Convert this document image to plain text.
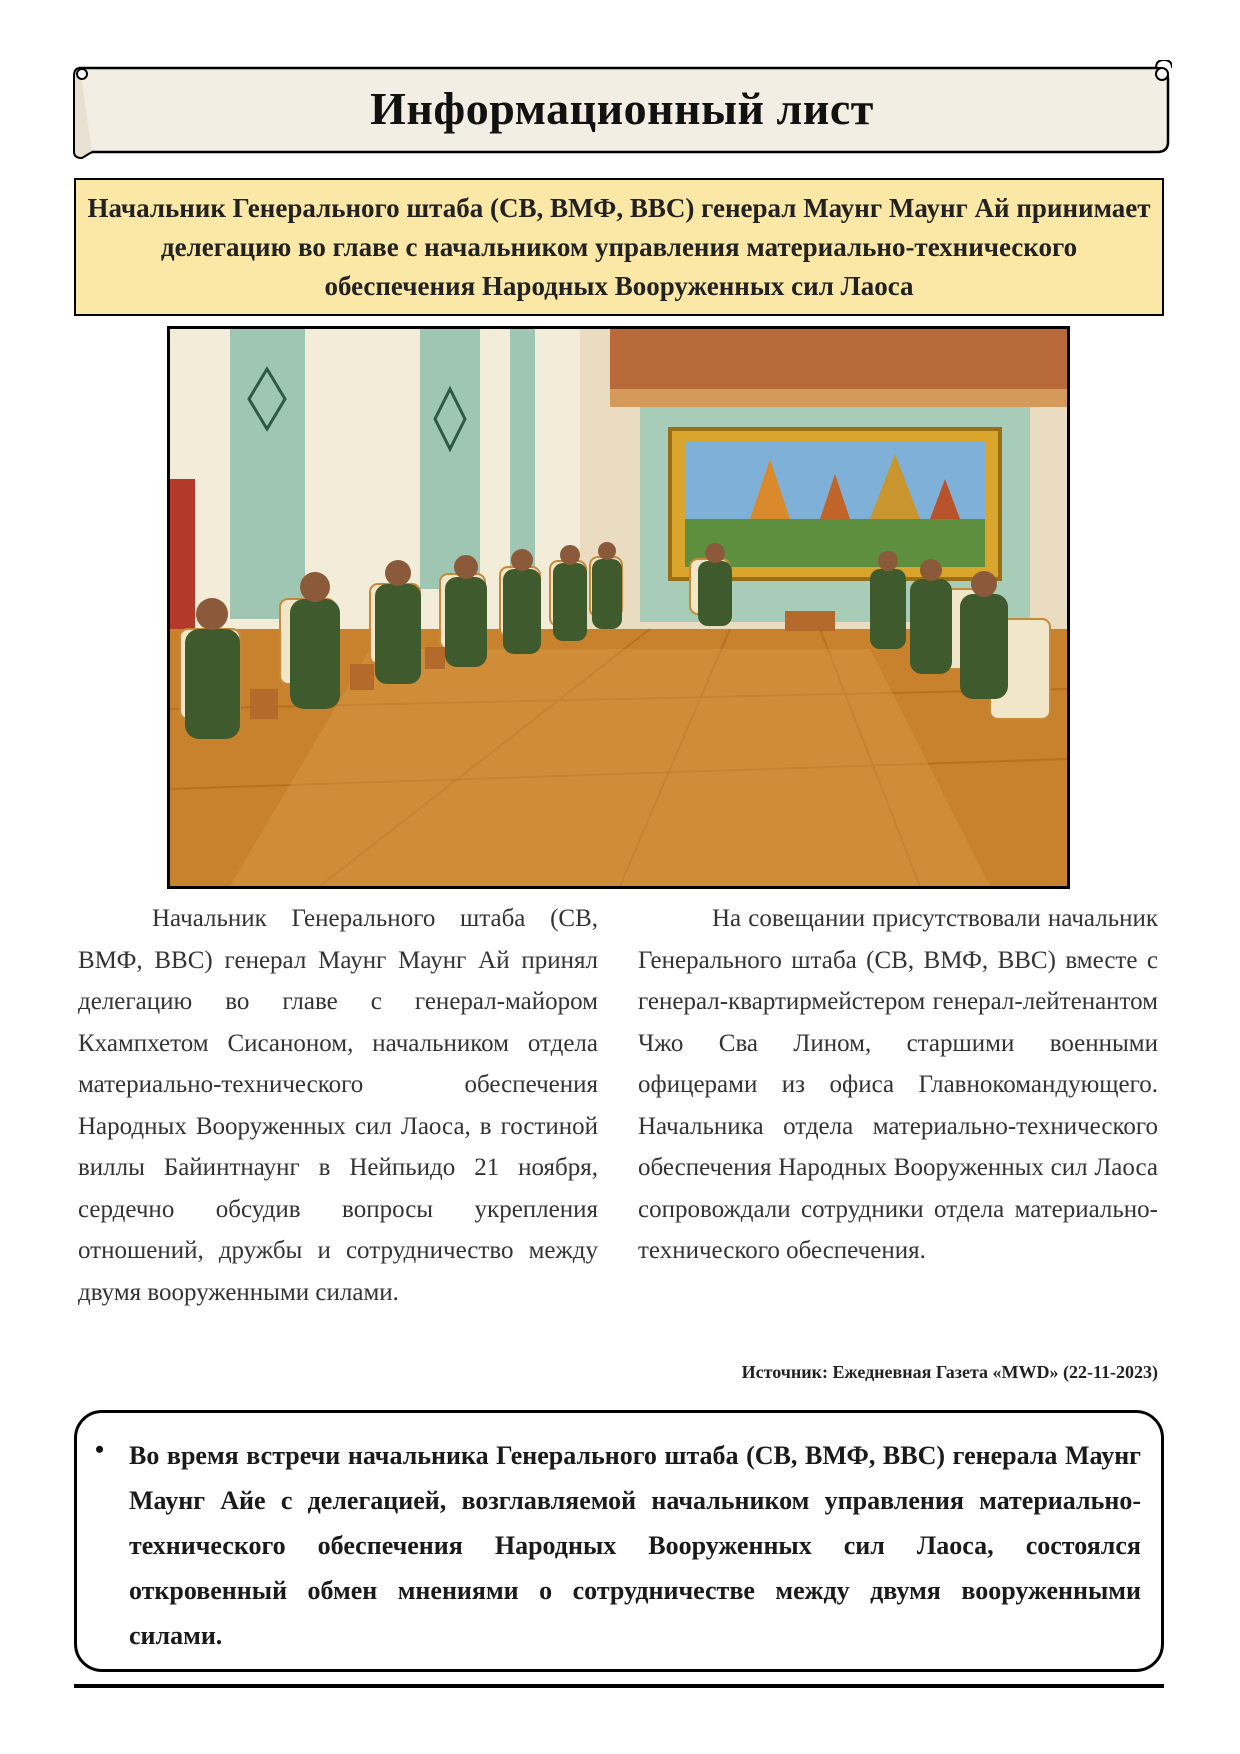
Информационный лист
Начальник Генерального штаба (СВ, ВМФ, ВВС) генерал Маунг Маунг Ай принимает делегацию во главе с начальником управления материально-технического обеспечения Народных Вооруженных сил Лаоса

Начальник Генерального штаба (СВ, ВМФ, ВВС) генерал Маунг Маунг Ай принял делегацию во главе с генерал-майором Кхампхетом Сисаноном, начальником отдела материально-технического обеспечения Народных Вооруженных сил Лаоса, в гостиной виллы Байинтнаунг в Нейпьидо 21 ноября, сердечно обсудив вопросы укрепления отношений, дружбы и сотрудничество между двумя вооруженными силами.

На совещании присутствовали начальник Генерального штаба (СВ, ВМФ, ВВС) вместе с генерал-квартирмейстером генерал-лейтенантом Чжо Сва Лином, старшими военными офицерами из офиса Главнокомандующего. Начальника отдела материально-технического обеспечения Народных Вооруженных сил Лаоса сопровождали сотрудники отдела материально-технического обеспечения.

Источник: Ежедневная Газета «MWD» (22-11-2023)
• Во время встречи начальника Генерального штаба (СВ, ВМФ, ВВС) генерала Маунг Маунг Айе с делегацией, возглавляемой начальником управления материально-технического обеспечения Народных Вооруженных сил Лаоса, состоялся откровенный обмен мнениями о сотрудничестве между двумя вооруженными силами.
